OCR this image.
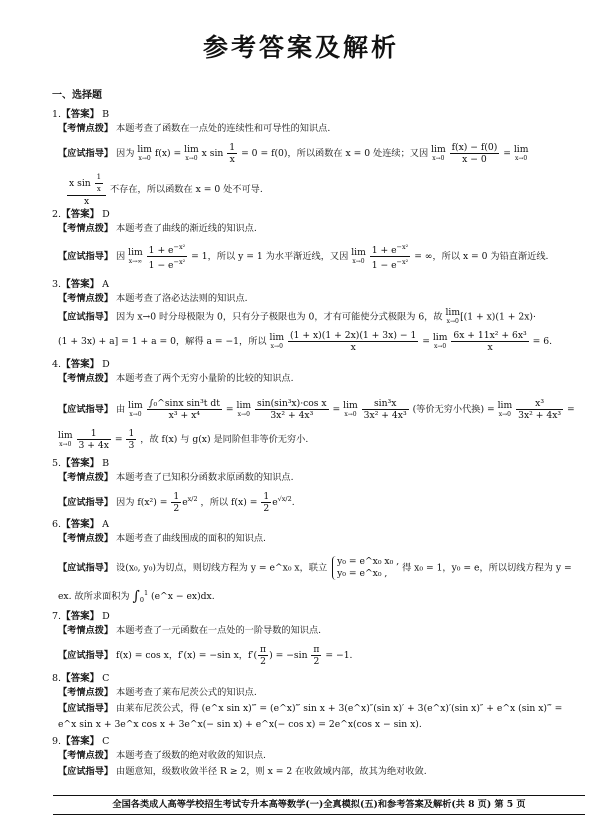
参考答案及解析
一、选择题
1.【答案】 B
【考情点拨】 本题考查了函数在一点处的连续性和可导性的知识点.
【应试指导】 因为 lim
x→0 f(x) = lim
x→0 x $\sin \frac{1}{x} = 0 = f(0)$，所以函数在 x = 0 处连续；又因 lim
x→0
$\frac{f(x) - f(0)}{x - 0} = \lim$
x→0
$\frac{x \sin \frac{1}{x}}{x}$ 不存在，所以函数在 x = 0 处不可导.
2.【答案】 D
【考情点拨】 本题考查了曲线的渐近线的知识点.
【应试指导】 因 lim
x→∞
$\frac{1 + e^{-x^2}}{1 - e^{-x^2}} = 1$，所以 y = 1 为水平渐近线，又因 lim
x→0
$\frac{1 + e^{-x^2}}{1 - e^{-x^2}}$ = ∞，所以 x = 0 为铅直渐近线.
3.【答案】 A
【考情点拨】 本题考查了洛必达法则的知识点.
【应试指导】 因为 x→0 时分母极限为 0，只有分子极限也为 0，才有可能使分式极限为 6，故 lim
x→0 [(1 + x)(1 + 2x)·
(1 + 3x) + a] = 1 + a = 0，解得 a = −1，所以 lim
x→0
$\frac{(1 + x)(1 + 2x)(1 + 3x) - 1}{x} = \lim$
x→0
$\frac{\text{6x + 11x² + 6x³}}{x} = 6$.
4.【答案】 D
【考情点拨】 本题考查了两个无穷小量阶的比较的知识点.
【应试指导】 由 lim
x→0
$\frac{\text{∫₀\textasciicircum{}sinx sin³t dt}}{\text{x³ + x⁴}} = \lim$
x→0
$\frac{\text{sin(sin³x)·cos x}}{\text{3x² + 4x³}} = \lim$
x→0
$\frac{\text{sin³x}}{\text{3x² + 4x³}}$ (等价无穷小代换) = lim
x→0
$\frac{\text{x³}}{\text{3x² + 4x³}}$ =
lim
x→0
$\frac{1}{3 + 4x} = \frac{1}{3}$ ，故 f(x) 与 g(x) 是同阶但非等价无穷小.
5.【答案】 B
【考情点拨】 本题考查了已知积分函数求原函数的知识点.
【应试指导】 因为 $f(x^2) = \frac{1}{2} e^{x/2}$ ，所以 $f(x) = \frac{1}{2} e^{√x/2}$.
6.【答案】 A
【考情点拨】 本题考查了曲线围成的面积的知识点.
【应试指导】 设(x₀, y₀)为切点，则切线方程为 y = e^x₀ x，联立
y₀ = e^x₀ x₀ ,
y₀ = e^x₀ ,	得 x₀ = 1，y₀ = e，所以切线方程为 y =
ex. 故所求面积为 $\int_0^1$ (e^x − ex)dx.
7.【答案】 D
【考情点拨】 本题考查了一元函数在一点处的一阶导数的知识点.
【应试指导】 f(x) = cos x，f′(x) = −sin x，$f'( \frac{\pi}{2}$ ) = $-\sin \frac{\pi}{2} = -1$.
8.【答案】 C
【考情点拨】 本题考查了莱布尼茨公式的知识点.
【应试指导】 由莱布尼茨公式，得 (e^x sin x)‴ = (e^x)‴ sin x + 3(e^x)″(sin x)′ + 3(e^x)′(sin x)″ + e^x (sin x)‴ =
e^x sin x + 3e^x cos x + 3e^x(− sin x) + e^x(− cos x) = 2e^x(cos x − sin x).
9.【答案】 C
【考情点拨】 本题考查了级数的绝对收敛的知识点.
【应试指导】 由题意知，级数收敛半径 R ≥ 2，则 x = 2 在收敛域内部，故其为绝对收敛.
全国各类成人高等学校招生考试专升本高等数学(一)全真模拟(五)和参考答案及解析(共 8 页) 第 5 页
